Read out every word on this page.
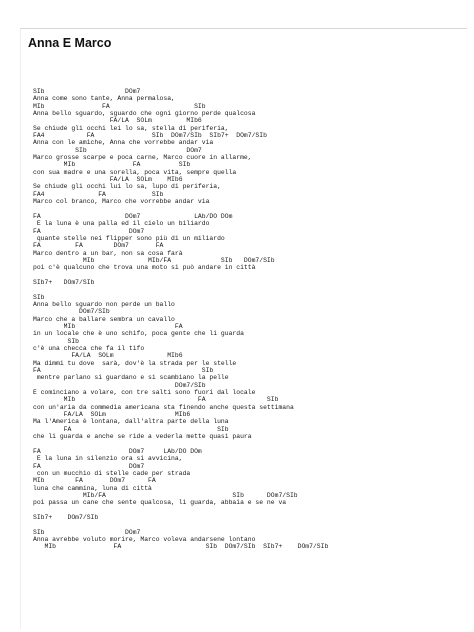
Anna E Marco
SIb                     DOm7
Anna come sono tante, Anna permalosa,
MIb               FA                      SIb
Anna bello sguardo, sguardo che ogni giorno perde qualcosa
FA/LA  SOLm         MIb6
Se chiude gli occhi lei lo sa, stella di periferia,
FA4           FA               SIb  DOm7/SIb  SIb7+  DOm7/SIb
Anna con le amiche, Anna che vorrebbe andar via
SIb                          DOm7
Marco grosse scarpe e poca carne, Marco cuore in allarme,
MIb               FA          SIb
con sua madre e una sorella, poca vita, sempre quella
FA/LA  SOLm    MIb6
Se chiude gli occhi lui lo sa, lupo di periferia,
FA4              FA            SIb
Marco col branco, Marco che vorrebbe andar via
FA                      DOm7              LAb/DO DOm
E la luna è una palla ed il cielo un biliardo
FA                       DOm7
quante stelle nei flipper sono più di un miliardo
FA         FA        DOm7       FA
Marco dentro a un bar, non sa cosa farà
MIb              MIb/FA             SIb   DOm7/SIb
poi c'è qualcuno che trova una moto si può andare in città
SIb7+   DOm7/SIb
SIb
Anna bello sguardo non perde un ballo
DOm7/SIb
Marco che a ballare sembra un cavallo
MIb                          FA
in un locale che è uno schifo, poca gente che li guarda
SIb
c'è una checca che fa il tifo
FA/LA  SOLm              MIb6
Ma dimmi tu dove  sarà, dov'è la strada per le stelle
FA                                          SIb
mentre parlano si guardano e si scambiano la pelle
DOm7/SIb
E cominciano a volare, con tre salti sono fuori dal locale
MIb                                FA                SIb
con un'aria da commedia americana sta finendo anche questa settimana
FA/LA  SOLm                  MIb6
Ma l'America è lontana, dall'altra parte della luna
FA                                      SIb
che li guarda e anche se ride a vederla mette quasi paura
FA                       DOm7     LAb/DO DOm
E la luna in silenzio ora si avvicina,
FA                       DOm7
con un mucchio di stelle cade per strada
MIb        FA       DOm7      FA
luna che cammina, luna di città
MIb/FA                                 SIb      DOm7/SIb
poi passa un cane che sente qualcosa, li guarda, abbaia e se ne va
SIb7+    DOm7/SIb
SIb                     DOm7
Anna avrebbe voluto morire, Marco voleva andarsene lontano
MIb               FA                      SIb  DOm7/SIb  SIb7+    DOm7/SIb
